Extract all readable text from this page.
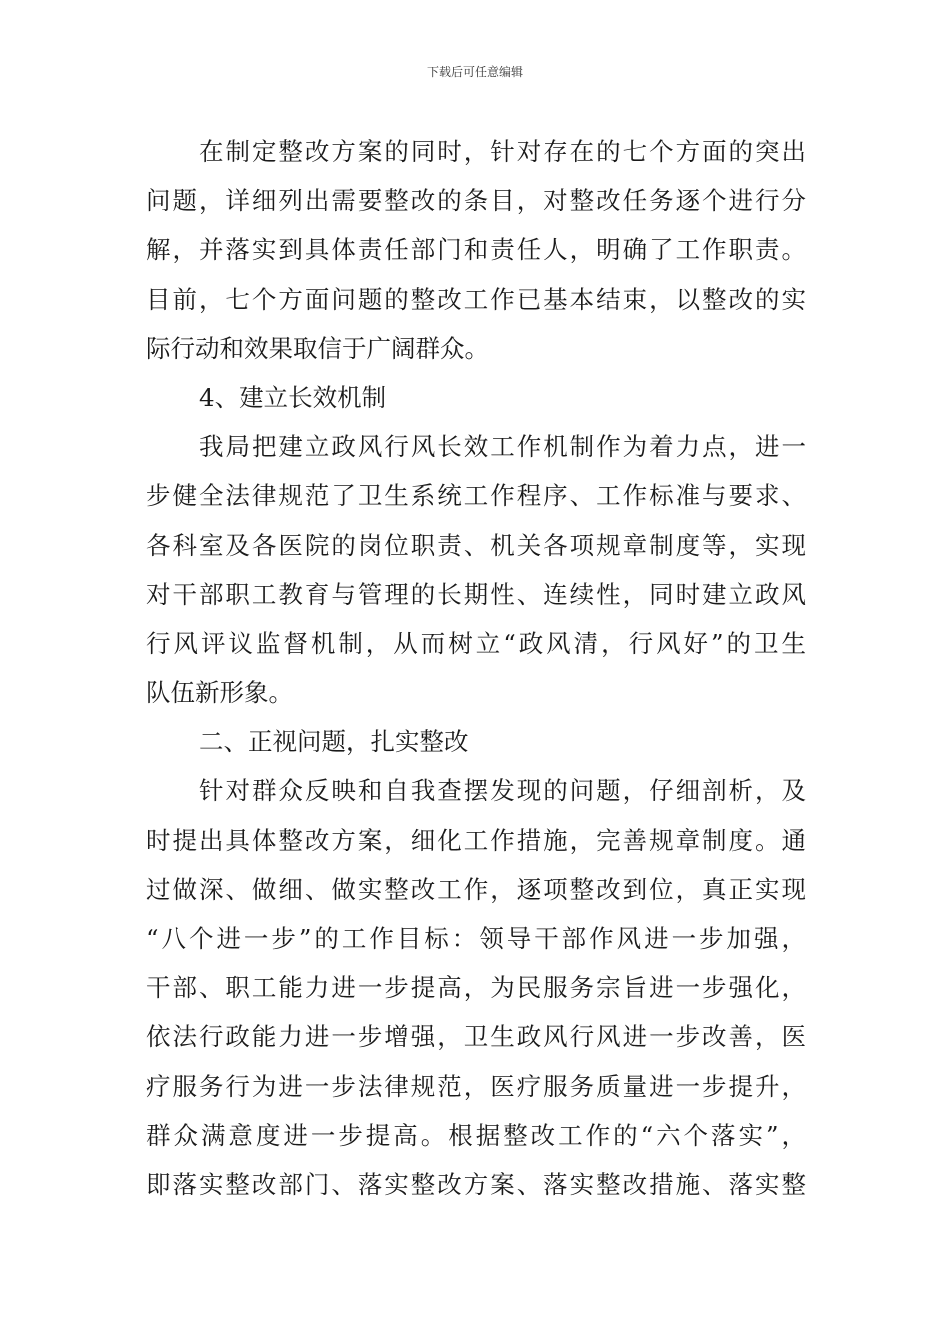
下载后可任意编辑
在制定整改方案的同时，针对存在的七个方面的突出
问题，详细列出需要整改的条目，对整改任务逐个进行分
解，并落实到具体责任部门和责任人，明确了工作职责。
目前，七个方面问题的整改工作已基本结束，以整改的实
际行动和效果取信于广阔群众。
4、建立长效机制
我局把建立政风行风长效工作机制作为着力点，进一
步健全法律规范了卫生系统工作程序、工作标准与要求、
各科室及各医院的岗位职责、机关各项规章制度等，实现
对干部职工教育与管理的长期性、连续性，同时建立政风
行风评议监督机制，从而树立“政风清，行风好”的卫生
队伍新形象。
二、正视问题，扎实整改
针对群众反映和自我查摆发现的问题，仔细剖析，及
时提出具体整改方案，细化工作措施，完善规章制度。通
过做深、做细、做实整改工作，逐项整改到位，真正实现
“八个进一步”的工作目标：领导干部作风进一步加强，
干部、职工能力进一步提高，为民服务宗旨进一步强化，
依法行政能力进一步增强，卫生政风行风进一步改善，医
疗服务行为进一步法律规范，医疗服务质量进一步提升，
群众满意度进一步提高。根据整改工作的“六个落实”，
即落实整改部门、落实整改方案、落实整改措施、落实整
